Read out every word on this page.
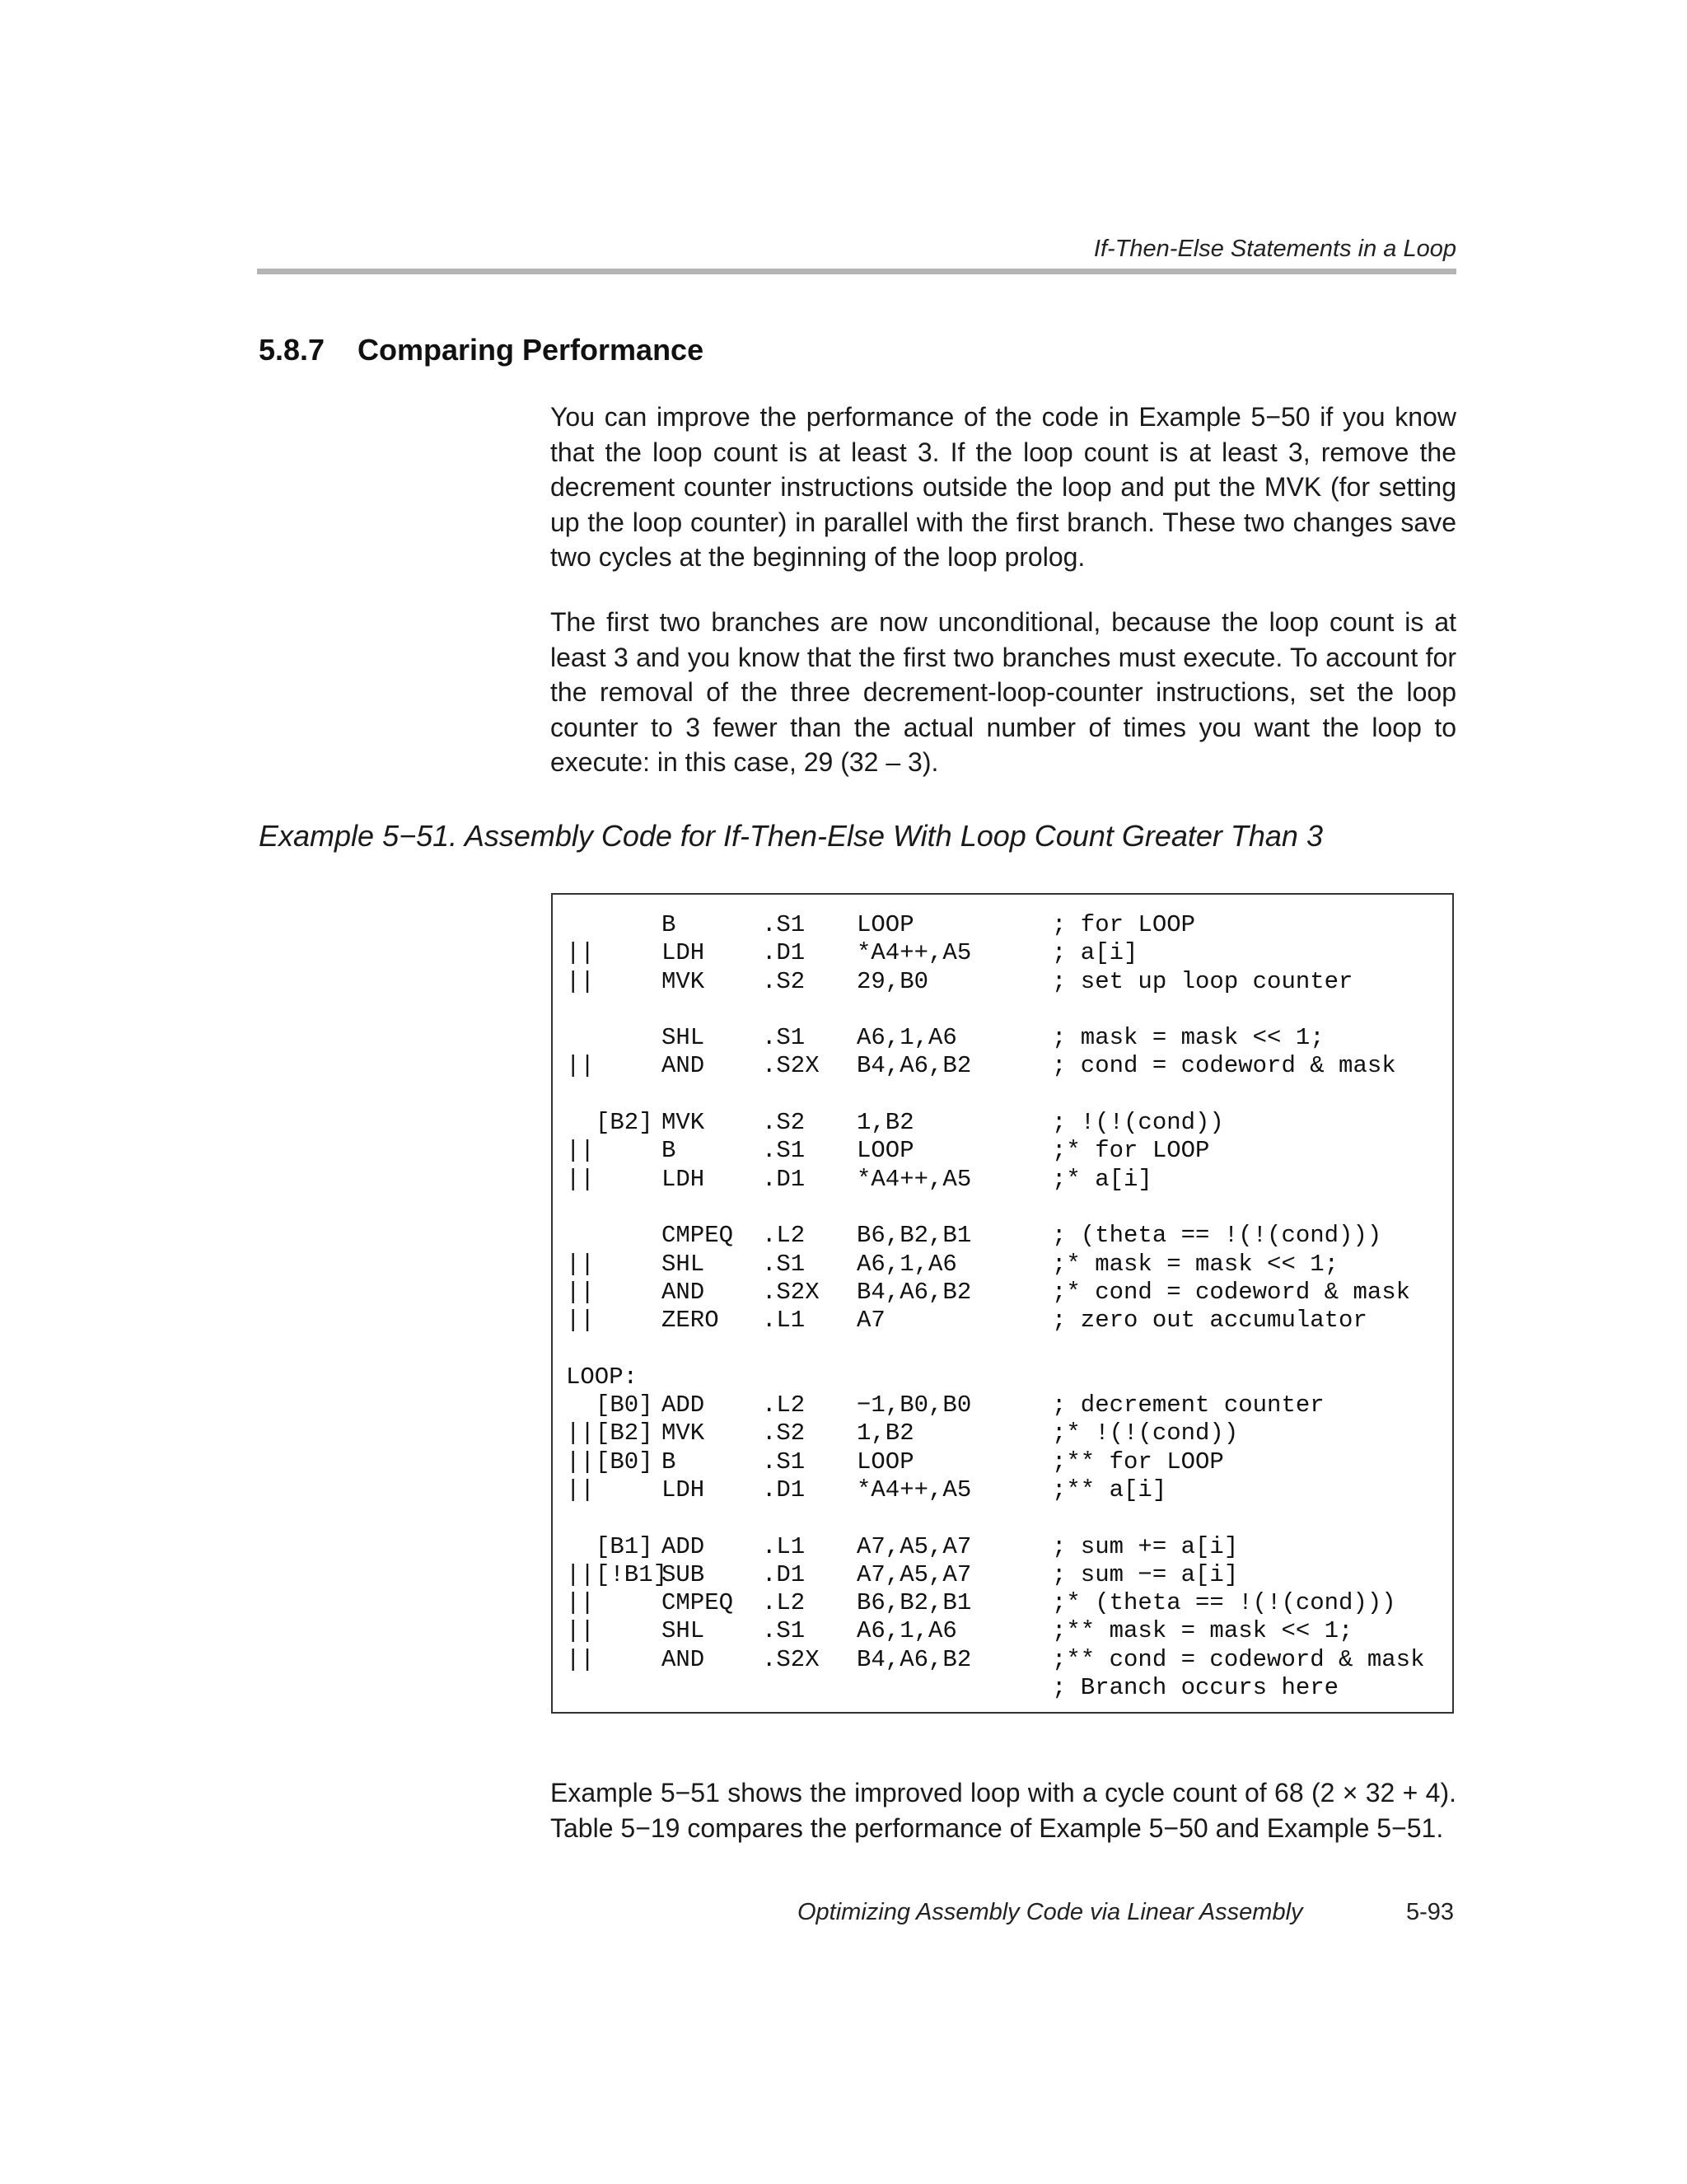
If-Then-Else Statements in a Loop
5.8.7 Comparing Performance
You can improve the performance of the code in Example 5−50 if you know that the loop count is at least 3. If the loop count is at least 3, remove the decrement counter instructions outside the loop and put the MVK (for setting up the loop counter) in parallel with the first branch. These two changes save two cycles at the beginning of the loop prolog.
The first two branches are now unconditional, because the loop count is at least 3 and you know that the first two branches must execute. To account for the removal of the three decrement-loop-counter instructions, set the loop counter to 3 fewer than the actual number of times you want the loop to execute: in this case, 29 (32 – 3).
Example 5−51. Assembly Code for If-Then-Else With Loop Count Greater Than 3
B	.S1 LOOP	; for LOOP
||	LDH .D1 *A4++,A5	; a[i]
||	MVK .S2 29,B0	; set up loop counter
SHL .S1 A6,1,A6	; mask = mask << 1;
||	AND .S2X B4,A6,B2	; cond = codeword & mask
[B2] MVK .S2 1,B2	; !(!(cond))
||	B	.S1 LOOP	;* for LOOP
||	LDH .D1 *A4++,A5	;* a[i]
CMPEQ .L2 B6,B2,B1	; (theta == !(!(cond)))
||	SHL .S1 A6,1,A6	;* mask = mask << 1;
||	AND .S2X B4,A6,B2	;* cond = codeword & mask
||	ZERO .L1 A7	; zero out accumulator
LOOP:
[B0] ADD .L2 −1,B0,B0	; decrement counter
||[B2] MVK .S2 1,B2	;* !(!(cond))
||[B0] B	.S1 LOOP	;** for LOOP
||	LDH .D1 *A4++,A5	;** a[i]
[B1] ADD .L1 A7,A5,A7	; sum += a[i]
||[!B1]SUB .D1 A7,A5,A7	; sum −= a[i]
||	CMPEQ .L2 B6,B2,B1	;* (theta == !(!(cond)))
||	SHL .S1 A6,1,A6	;** mask = mask << 1;
||	AND .S2X B4,A6,B2	;** cond = codeword & mask
; Branch occurs here
Example 5−51 shows the improved loop with a cycle count of 68 (2 × 32 + 4). Table 5−19 compares the performance of Example 5−50 and Example 5−51.
Optimizing Assembly Code via Linear Assembly	5-93
